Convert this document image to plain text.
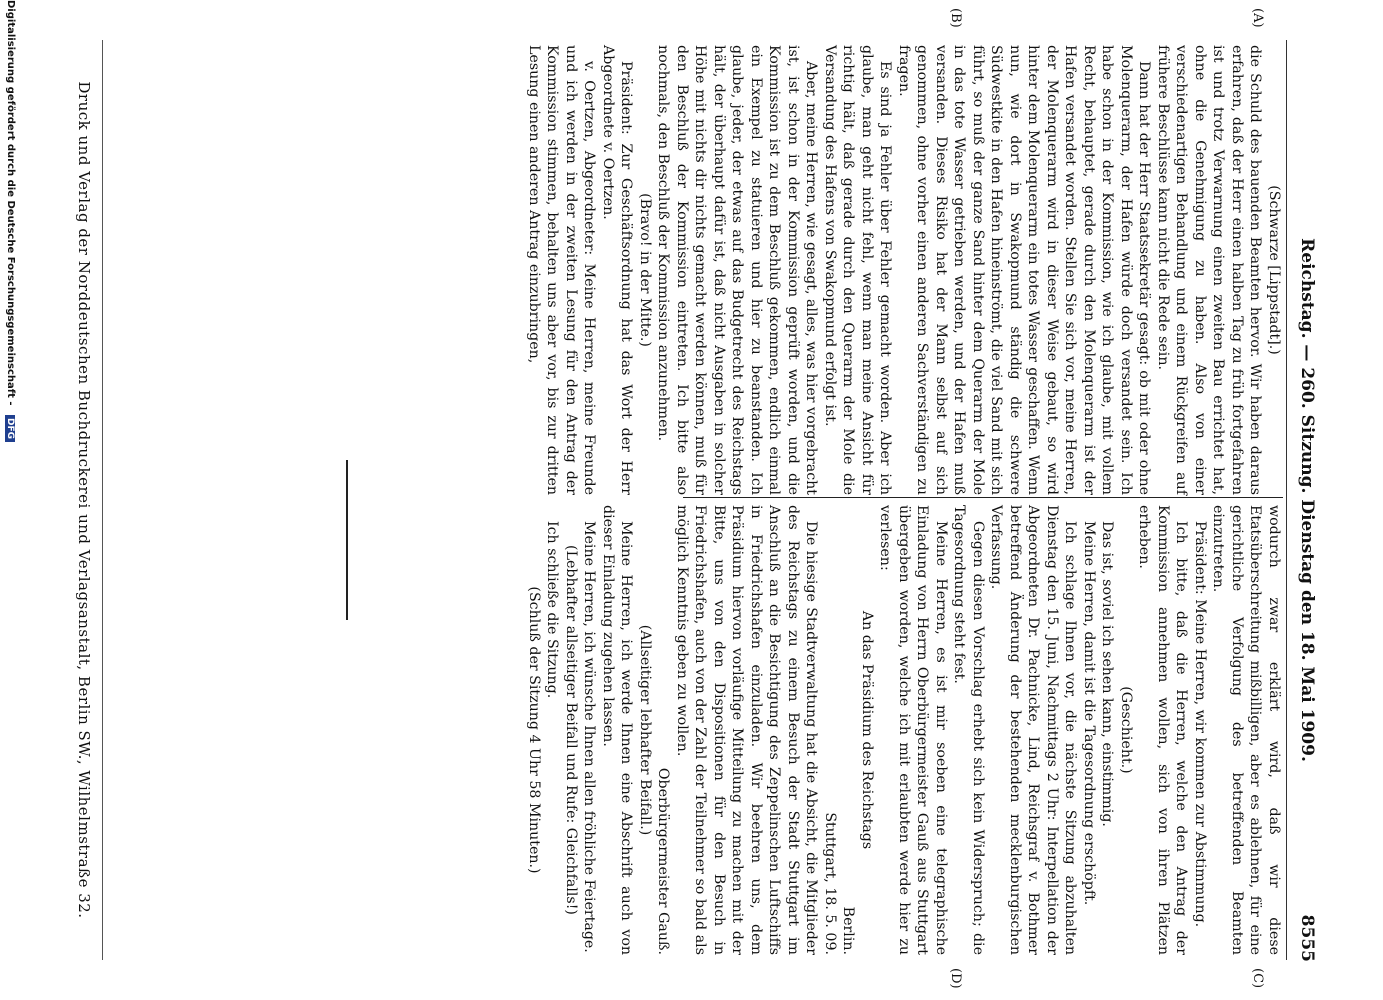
Reichstag. — 260. Sitzung. Dienstag den 18. Mai 1909.
8555

(Schwarze [Lippstadt].)

die Schuld des bauenden Beamten hervor. Wir haben daraus erfahren, daß der Herr einen halben Tag zu früh fortgefahren ist und trotz Verwarnung einen zweiten Bau errichtet hat, ohne die Genehmigung zu haben. Also von einer verschiedenartigen Behandlung und einem Rückgreifen auf frühere Beschlüsse kann nicht die Rede sein.

Dann hat der Herr Staatssekretär gesagt: ob mit oder ohne Molenquerarm, der Hafen würde doch versandet sein. Ich habe schon in der Kommission, wie ich glaube, mit vollem Recht, behauptet, gerade durch den Molenquerarm ist der Hafen versandet worden. Stellen Sie sich vor, meine Herren, der Molenquerarm wird in dieser Weise gebaut, so wird hinter dem Molenquerarm ein totes Wasser geschaffen. Wenn nun, wie dort in Swakopmund ständig die schwere Südwestkite in den Hafen hineinströmt, die viel Sand mit sich führt, so muß der ganze Sand hinter dem Querarm der Mole in das tote Wasser getrieben werden, und der Hafen muß versanden. Dieses Risiko hat der Mann selbst auf sich genommen, ohne vorher einen anderen Sachverständigen zu fragen.

Es sind ja Fehler über Fehler gemacht worden. Aber ich glaube, man geht nicht fehl, wenn man meine Ansicht für richtig hält, daß gerade durch den Querarm der Mole die Versandung des Hafens von Swakopmund erfolgt ist.

Aber, meine Herren, wie gesagt, alles, was hier vorgebracht ist, ist schon in der Kommission geprüft worden, und die Kommission ist zu dem Beschluß gekommen, endlich einmal ein Exempel zu statuieren und hier zu beanstanden. Ich glaube, jeder, der etwas auf das Budgetrecht des Reichstags hält, der überhaupt dafür ist, daß nicht Ausgaben in solcher Höhe mit nichts dir nichts gemacht werden können, muß für den Beschluß der Kommission eintreten. Ich bitte also nochmals, den Beschluß der Kommission anzunehmen.

(Bravo! in der Mitte.)

Präsident: Zur Geschäftsordnung hat das Wort der Herr Abgeordnete v. Oertzen.

v. Oertzen, Abgeordneter: Meine Herren, meine Freunde und ich werden in der zweiten Lesung für den Antrag der Kommission stimmen, behalten uns aber vor, bis zur dritten Lesung einen anderen Antrag einzubringen,

(A)
(B)

wodurch zwar erklärt wird, daß wir diese Etatsüberschreitung mißbilligen, aber es ablehnen, für eine gerichtliche Verfolgung des betreffenden Beamten einzutreten.

Präsident: Meine Herren, wir kommen zur Abstimmung.

Ich bitte, daß die Herren, welche den Antrag der Kommission annehmen wollen, sich von ihren Plätzen erheben.

(Geschieht.)

Das ist, soviel ich sehen kann, einstimmig.

Meine Herren, damit ist die Tagesordnung erschöpft.

Ich schlage Ihnen vor, die nächste Sitzung abzuhalten Dienstag den 15. Juni, Nachmittags 2 Uhr: Interpellation der Abgeordneten Dr. Pachnicke, Lind, Reichsgraf v. Bothmer betreffend Änderung der bestehenden mecklenburgischen Verfassung.

Gegen diesen Vorschlag erhebt sich kein Widerspruch; die Tagesordnung steht fest.

Meine Herren, es ist mir soeben eine telegraphische Einladung von Herrn Oberbürgermeister Gauß aus Stuttgart übergeben worden, welche ich mit erlaubten werde hier zu verlesen:

An das Präsidium des Reichstags

Berlin.

Stuttgart, 18. 5. 09.

Die hiesige Stadtverwaltung hat die Absicht, die Mitglieder des Reichstags zu einem Besuch der Stadt Stuttgart im Anschluß an die Besichtigung des Zeppelinschen Luftschiffs in Friedrichshafen einzuladen. Wir beehren uns, dem Präsidium hiervon vorläufige Mitteilung zu machen mit der Bitte, uns von den Dispositionen für den Besuch in Friedrichshafen, auch von der Zahl der Teilnehmer so bald als möglich Kenntnis geben zu wollen.

Oberbürgermeister Gauß.

(Allseitiger lebhafter Beifall.)

Meine Herren, ich werde Ihnen eine Abschrift auch von dieser Einladung zugehen lassen.

Meine Herren, ich wünsche Ihnen allen fröhliche Feiertage.

(Lebhafter allseitiger Beifall und Rufe: Gleichfalls!)

Ich schließe die Sitzung.

(Schluß der Sitzung 4 Uhr 58 Minuten.)

(C)
(D)
Druck und Verlag der Norddeutschen Buchdruckerei und Verlagsanstalt, Berlin SW., Wilhelmstraße 32.
Digitalisierung gefördert durch die Deutsche Forschungsgemeinschaft - DFG
